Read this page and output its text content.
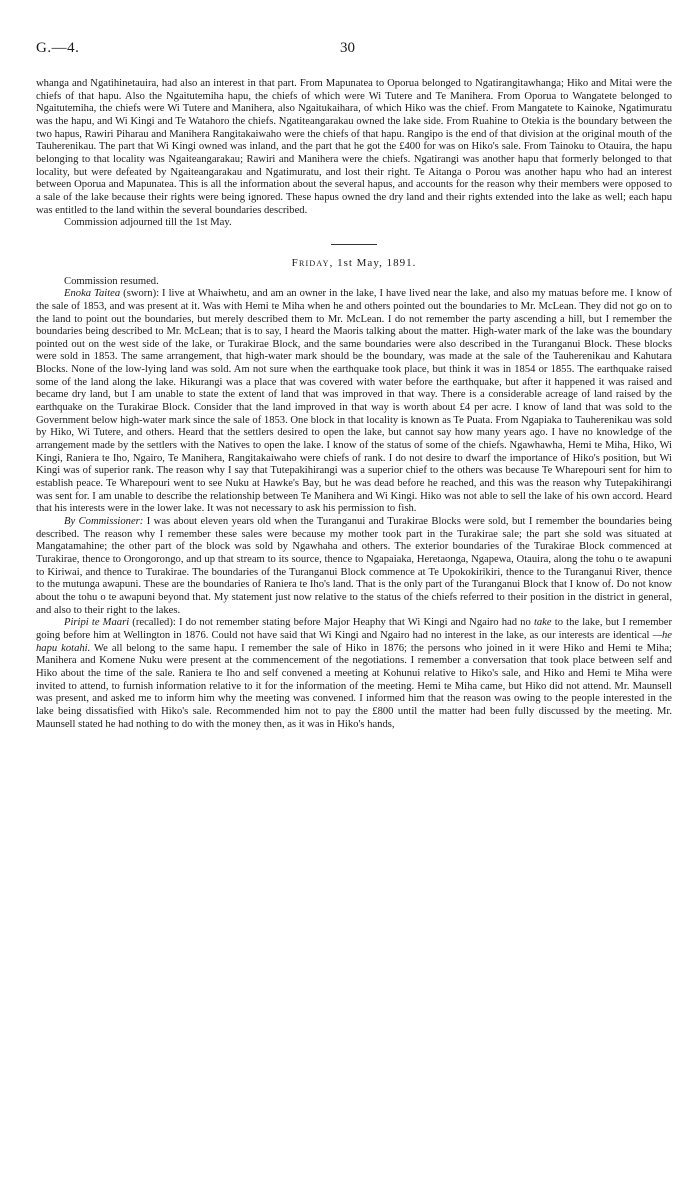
G.—4.	30

whanga and Ngatihinetauira, had also an interest in that part. From Mapunatea to Oporua belonged to Ngatirangitawhanga; Hiko and Mitai were the chiefs of that hapu. Also the Ngaitutemiha hapu, the chiefs of which were Wi Tutere and Te Manihera. From Oporua to Wangatete belonged to Ngaitutemiha, the chiefs were Wi Tutere and Manihera, also Ngaitukaihara, of which Hiko was the chief. From Mangatete to Kainoke, Ngatimuratu was the hapu, and Wi Kingi and Te Watahoro the chiefs. Ngatiteangarakau owned the lake side. From Ruahine to Otekia is the boundary between the two hapus, Rawiri Piharau and Manihera Rangitakaiwaho were the chiefs of that hapu. Rangipo is the end of that division at the original mouth of the Tauherenikau. The part that Wi Kingi owned was inland, and the part that he got the £400 for was on Hiko's sale. From Tainoku to Otauira, the hapu belonging to that locality was Ngaiteangarakau; Rawiri and Manihera were the chiefs. Ngatirangi was another hapu that formerly belonged to that locality, but were defeated by Ngaiteangarakau and Ngatimuratu, and lost their right. Te Aitanga o Porou was another hapu who had an interest between Oporua and Mapunatea. This is all the information about the several hapus, and accounts for the reason why their members were opposed to a sale of the lake because their rights were being ignored. These hapus owned the dry land and their rights extended into the lake as well; each hapu was entitled to the land within the several boundaries described.

Commission adjourned till the 1st May.

Friday, 1st May, 1891.

Commission resumed.

Enoka Taitea (sworn): I live at Whaiwhetu, and am an owner in the lake, I have lived near the lake, and also my matuas before me. I know of the sale of 1853, and was present at it. Was with Hemi te Miha when he and others pointed out the boundaries to Mr. McLean. They did not go on to the land to point out the boundaries, but merely described them to Mr. McLean. I do not remember the party ascending a hill, but I remember the boundaries being described to Mr. McLean; that is to say, I heard the Maoris talking about the matter. High-water mark of the lake was the boundary pointed out on the west side of the lake, or Turakirae Block, and the same boundaries were also described in the Turanganui Block. These blocks were sold in 1853. The same arrangement, that high-water mark should be the boundary, was made at the sale of the Tauherenikau and Kahutara Blocks. None of the low-lying land was sold. Am not sure when the earthquake took place, but think it was in 1854 or 1855. The earthquake raised some of the land along the lake. Hikurangi was a place that was covered with water before the earthquake, but after it happened it was raised and became dry land, but I am unable to state the extent of land that was improved in that way. There is a considerable acreage of land raised by the earthquake on the Turakirae Block. Consider that the land improved in that way is worth about £4 per acre. I know of land that was sold to the Government below high-water mark since the sale of 1853. One block in that locality is known as Te Puata. From Ngapiaka to Tauherenikau was sold by Hiko, Wi Tutere, and others. Heard that the settlers desired to open the lake, but cannot say how many years ago. I have no knowledge of the arrangement made by the settlers with the Natives to open the lake. I know of the status of some of the chiefs. Ngawhawha, Hemi te Miha, Hiko, Wi Kingi, Raniera te Iho, Ngairo, Te Manihera, Rangitakaiwaho were chiefs of rank. I do not desire to dwarf the importance of Hiko's position, but Wi Kingi was of superior rank. The reason why I say that Tutepakihirangi was a superior chief to the others was because Te Wharepouri sent for him to establish peace. Te Wharepouri went to see Nuku at Hawke's Bay, but he was dead before he reached, and this was the reason why Tutepakihirangi was sent for. I am unable to describe the relationship between Te Manihera and Wi Kingi. Hiko was not able to sell the lake of his own accord. Heard that his interests were in the lower lake. It was not necessary to ask his permission to fish.

By Commissioner: I was about eleven years old when the Turanganui and Turakirae Blocks were sold, but I remember the boundaries being described. The reason why I remember these sales were because my mother took part in the Turakirae sale; the part she sold was situated at Mangatamahine; the other part of the block was sold by Ngawhaha and others. The exterior boundaries of the Turakirae Block commenced at Turakirae, thence to Orongorongo, and up that stream to its source, thence to Ngapaiaka, Heretaonga, Ngapewa, Otauira, along the tohu o te awapuni to Kiriwai, and thence to Turakirae. The boundaries of the Turanganui Block commence at Te Upokokirikiri, thence to the Turanganui River, thence to the mutunga awapuni. These are the boundaries of Raniera te Iho's land. That is the only part of the Turanganui Block that I know of. Do not know about the tohu o te awapuni beyond that. My statement just now relative to the status of the chiefs referred to their position in the district in general, and also to their right to the lakes.

Piripi te Maari (recalled): I do not remember stating before Major Heaphy that Wi Kingi and Ngairo had no take to the lake, but I remember going before him at Wellington in 1876. Could not have said that Wi Kingi and Ngairo had no interest in the lake, as our interests are identical —he hapu kotahi. We all belong to the same hapu. I remember the sale of Hiko in 1876; the persons who joined in it were Hiko and Hemi te Miha; Manihera and Komene Nuku were present at the commencement of the negotiations. I remember a conversation that took place between self and Hiko about the time of the sale. Raniera te Iho and self convened a meeting at Kohunui relative to Hiko's sale, and Hiko and Hemi te Miha were invited to attend, to furnish information relative to it for the information of the meeting. Hemi te Miha came, but Hiko did not attend. Mr. Maunsell was present, and asked me to inform him why the meeting was convened. I informed him that the reason was owing to the people interested in the lake being dissatisfied with Hiko's sale. Recommended him not to pay the £800 until the matter had been fully discussed by the meeting. Mr. Maunsell stated he had nothing to do with the money then, as it was in Hiko's hands,
